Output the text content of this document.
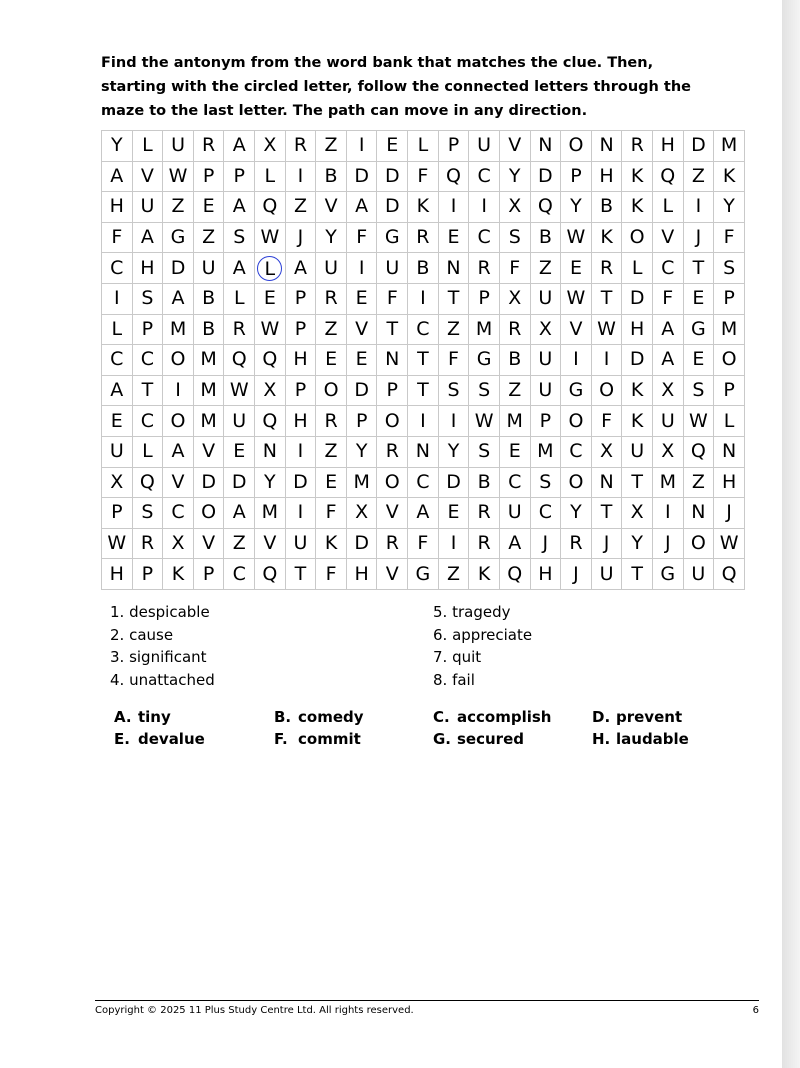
Find the antonym from the word bank that matches the clue. Then, starting with the circled letter, follow the connected letters through the maze to the last letter. The path can move in any direction.

Y	L	U	R	A	X	R	Z	I	E	L	P	U	V	N	O	N	R	H	D	M
A	V	W	P	P	L	I	B	D	D	F	Q	C	Y	D	P	H	K	Q	Z	K
H	U	Z	E	A	Q	Z	V	A	D	K	I	I	X	Q	Y	B	K	L	I	Y
F	A	G	Z	S	W	J	Y	F	G	R	E	C	S	B	W	K	O	V	J	F
C	H	D	U	A	L	A	U	I	U	B	N	R	F	Z	E	R	L	C	T	S
I	S	A	B	L	E	P	R	E	F	I	T	P	X	U	W	T	D	F	E	P
L	P	M	B	R	W	P	Z	V	T	C	Z	M	R	X	V	W	H	A	G	M
C	C	O	M	Q	Q	H	E	E	N	T	F	G	B	U	I	I	D	A	E	O
A	T	I	M	W	X	P	O	D	P	T	S	S	Z	U	G	O	K	X	S	P
E	C	O	M	U	Q	H	R	P	O	I	I	W	M	P	O	F	K	U	W	L
U	L	A	V	E	N	I	Z	Y	R	N	Y	S	E	M	C	X	U	X	Q	N
X	Q	V	D	D	Y	D	E	M	O	C	D	B	C	S	O	N	T	M	Z	H
P	S	C	O	A	M	I	F	X	V	A	E	R	U	C	Y	T	X	I	N	J
W	R	X	V	Z	V	U	K	D	R	F	I	R	A	J	R	J	Y	J	O	W
H	P	K	P	C	Q	T	F	H	V	G	Z	K	Q	H	J	U	T	G	U	Q
1. despicable
2. cause
3. significant
4. unattached
5. tragedy
6. appreciate
7. quit
8. fail
A. tiny	B. comedy	C. accomplish	D. prevent
E. devalue	F. commit	G. secured	H. laudable
Copyright © 2025 11 Plus Study Centre Ltd. All rights reserved.	6
